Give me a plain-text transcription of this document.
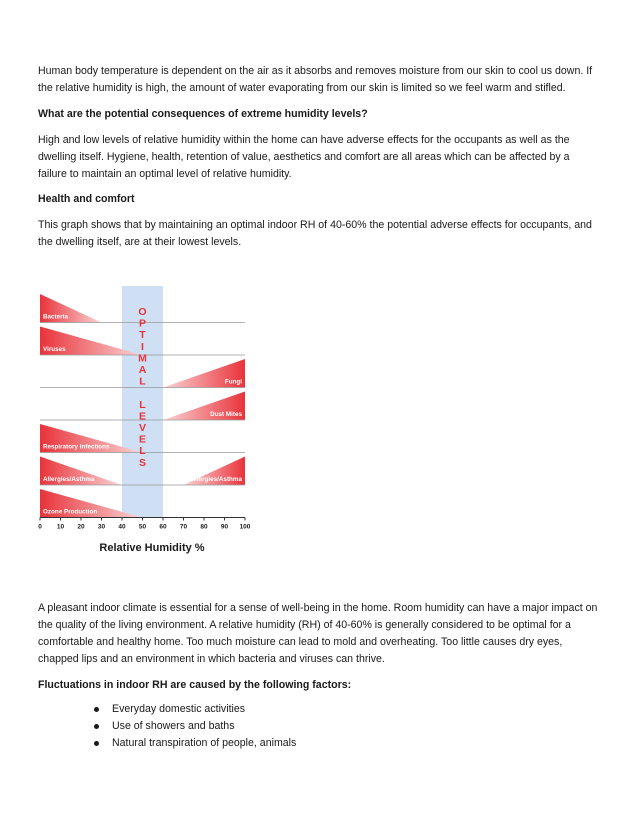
Human body temperature is dependent on the air as it absorbs and removes moisture from our skin to cool us down. If the relative humidity is high, the amount of water evaporating from our skin is limited so we feel warm and stifled.

What are the potential consequences of extreme humidity levels?

High and low levels of relative humidity within the home can have adverse effects for the occupants as well as the dwelling itself. Hygiene, health, retention of value, aesthetics and comfort are all areas which can be affected by a failure to maintain an optimal level of relative humidity.

Health and comfort

This graph shows that by maintaining an optimal indoor RH of 40-60% the potential adverse effects for occupants, and the dwelling itself, are at their lowest levels.

Bacteria
Viruses
Fungi
Dust Mites
Respiratory Infections
Allergies/Asthma	Allergies/Asthma
Ozone Production
0 10 20 30 40 50 60 70 80 90 100
O
P
T
I
M
A
L
L
E
V
E
L
S
Relative Humidity %

A pleasant indoor climate is essential for a sense of well-being in the home. Room humidity can have a major impact on the quality of the living environment. A relative humidity (RH) of 40-60% is generally considered to be optimal for a comfortable and healthy home. Too much moisture can lead to mold and overheating. Too little causes dry eyes, chapped lips and an environment in which bacteria and viruses can thrive.

Fluctuations in indoor RH are caused by the following factors:

Everyday domestic activities
Use of showers and baths
Natural transpiration of people, animals
